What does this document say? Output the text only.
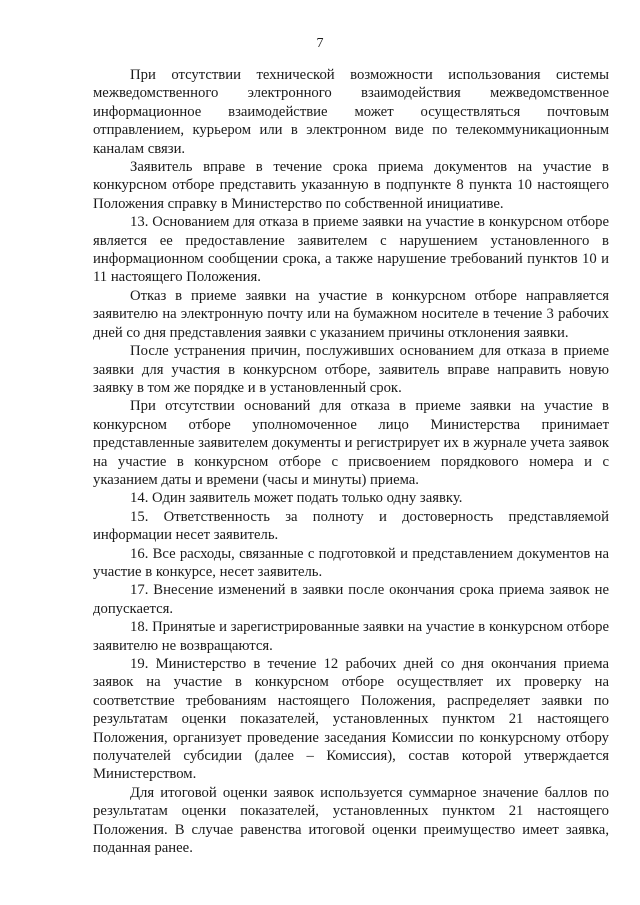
7

При отсутствии технической возможности использования системы межведомственного электронного взаимодействия межведомственное информационное взаимодействие может осуществляться почтовым отправлением, курьером или в электронном виде по телекоммуникационным каналам связи.

Заявитель вправе в течение срока приема документов на участие в конкурсном отборе представить указанную в подпункте 8 пункта 10 настоящего Положения справку в Министерство по собственной инициативе.

13. Основанием для отказа в приеме заявки на участие в конкурсном отборе является ее предоставление заявителем с нарушением установленного в информационном сообщении срока, а также нарушение требований пунктов 10 и 11 настоящего Положения.

Отказ в приеме заявки на участие в конкурсном отборе направляется заявителю на электронную почту или на бумажном носителе в течение 3 рабочих дней со дня представления заявки с указанием причины отклонения заявки.

После устранения причин, послуживших основанием для отказа в приеме заявки для участия в конкурсном отборе, заявитель вправе направить новую заявку в том же порядке и в установленный срок.

При отсутствии оснований для отказа в приеме заявки на участие в конкурсном отборе уполномоченное лицо Министерства принимает представленные заявителем документы и регистрирует их в журнале учета заявок на участие в конкурсном отборе с присвоением порядкового номера и с указанием даты и времени (часы и минуты) приема.

14. Один заявитель может подать только одну заявку.

15. Ответственность за полноту и достоверность представляемой информации несет заявитель.

16. Все расходы, связанные с подготовкой и представлением документов на участие в конкурсе, несет заявитель.

17. Внесение изменений в заявки после окончания срока приема заявок не допускается.

18. Принятые и зарегистрированные заявки на участие в конкурсном отборе заявителю не возвращаются.

19. Министерство в течение 12 рабочих дней со дня окончания приема заявок на участие в конкурсном отборе осуществляет их проверку на соответствие требованиям настоящего Положения, распределяет заявки по результатам оценки показателей, установленных пунктом 21 настоящего Положения, организует проведение заседания Комиссии по конкурсному отбору получателей субсидии (далее – Комиссия), состав которой утверждается Министерством.

Для итоговой оценки заявок используется суммарное значение баллов по результатам оценки показателей, установленных пунктом 21 настоящего Положения. В случае равенства итоговой оценки преимущество имеет заявка, поданная ранее.
